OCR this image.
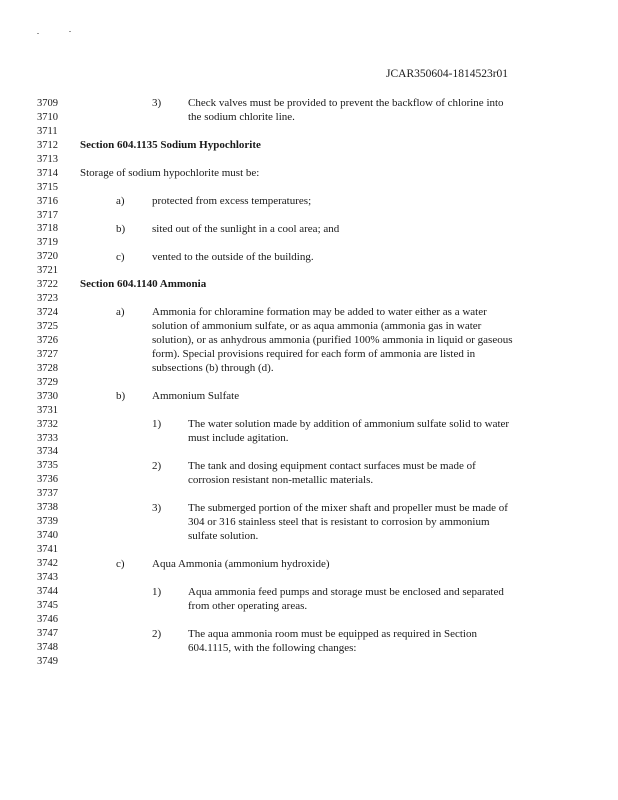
JCAR350604-1814523r01
3709
3710
3711
3712
3713
3714
3715
3716
3717
3718
3719
3720
3721
3722
3723
3724
3725
3726
3727
3728
3729
3730
3731
3732
3733
3734
3735
3736
3737
3738
3739
3740
3741
3742
3743
3744
3745
3746
3747
3748
3749
3) Check valves must be provided to prevent the backflow of chlorine into
the sodium chlorite line.
Section 604.1135 Sodium Hypochlorite
Storage of sodium hypochlorite must be:
a) protected from excess temperatures;
b) sited out of the sunlight in a cool area; and
c) vented to the outside of the building.
Section 604.1140 Ammonia
a) Ammonia for chloramine formation may be added to water either as a water
solution of ammonium sulfate, or as aqua ammonia (ammonia gas in water
solution), or as anhydrous ammonia (purified 100% ammonia in liquid or gaseous
form). Special provisions required for each form of ammonia are listed in
subsections (b) through (d).
b) Ammonium Sulfate
1) The water solution made by addition of ammonium sulfate solid to water
must include agitation.
2) The tank and dosing equipment contact surfaces must be made of
corrosion resistant non-metallic materials.
3) The submerged portion of the mixer shaft and propeller must be made of
304 or 316 stainless steel that is resistant to corrosion by ammonium
sulfate solution.
c) Aqua Ammonia (ammonium hydroxide)
1) Aqua ammonia feed pumps and storage must be enclosed and separated
from other operating areas.
2) The aqua ammonia room must be equipped as required in Section
604.1115, with the following changes:
